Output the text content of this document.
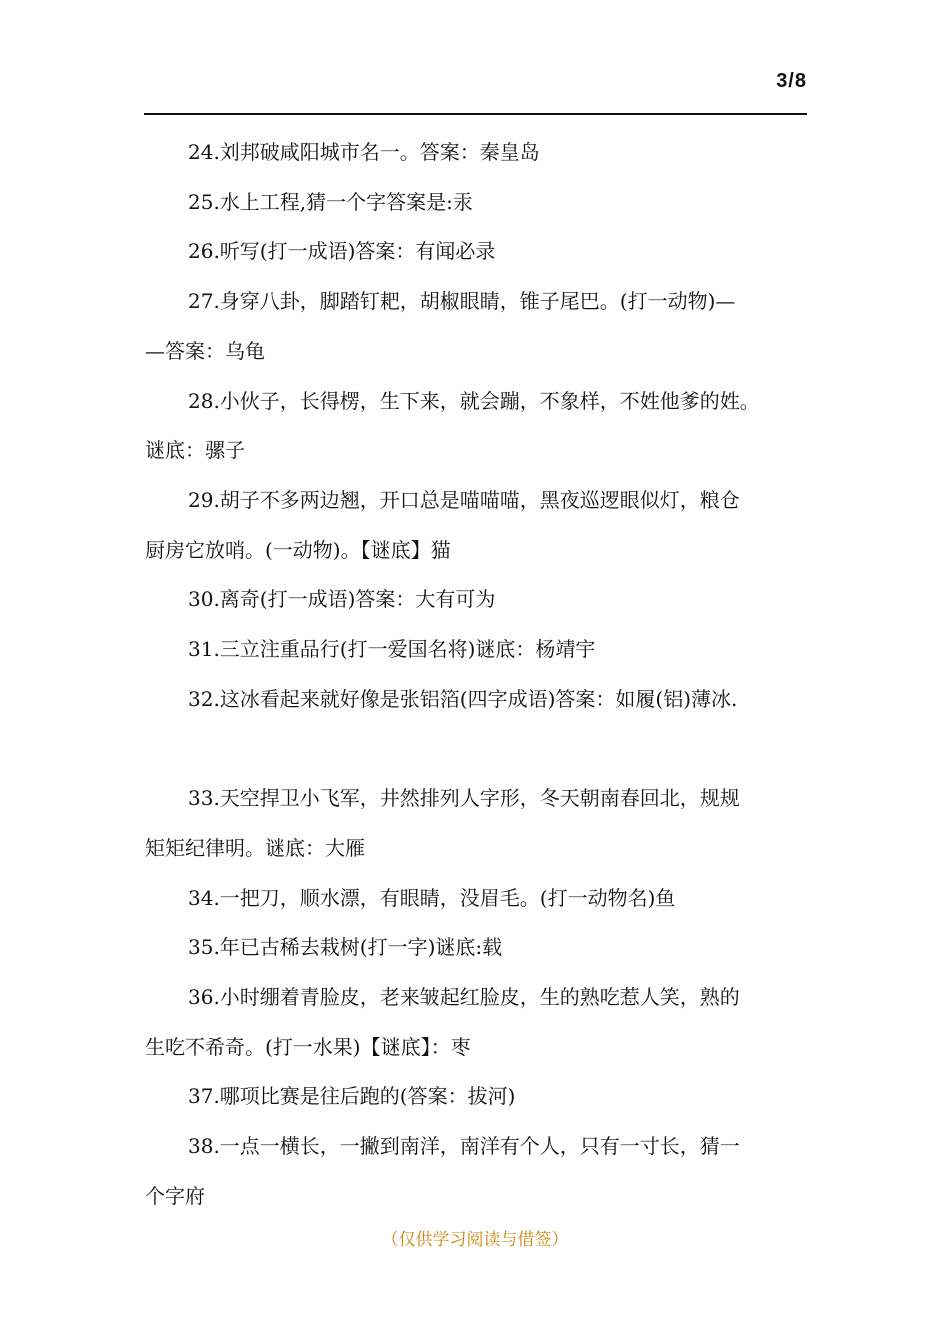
3/8

24.刘邦破咸阳城市名一。答案：秦皇岛

25.水上工程,猜一个字答案是:汞

26.听写(打一成语)答案：有闻必录

27.身穿八卦，脚踏钉耙，胡椒眼睛，锥子尾巴。(打一动物)—
—答案：乌龟

28.小伙子，长得楞，生下来，就会蹦，不象样，不姓他爹的姓。
谜底：骡子

29.胡子不多两边翘，开口总是喵喵喵，黑夜巡逻眼似灯，粮仓
厨房它放哨。(一动物)。【谜底】猫

30.离奇(打一成语)答案：大有可为

31.三立注重品行(打一爱国名将)谜底：杨靖宇

32.这冰看起来就好像是张铝箔(四字成语)答案：如履(铝)薄冰.

33.天空捍卫小飞军，井然排列人字形，冬天朝南春回北，规规
矩矩纪律明。谜底：大雁

34.一把刀，顺水漂，有眼睛，没眉毛。(打一动物名)鱼

35.年已古稀去栽树(打一字)谜底:载

36.小时绷着青脸皮，老来皱起红脸皮，生的熟吃惹人笑，熟的
生吃不希奇。(打一水果)【谜底】：枣

37.哪项比赛是往后跑的(答案：拔河)

38.一点一横长，一撇到南洋，南洋有个人，只有一寸长，猜一
个字府

（仅供学习阅读与借签）
